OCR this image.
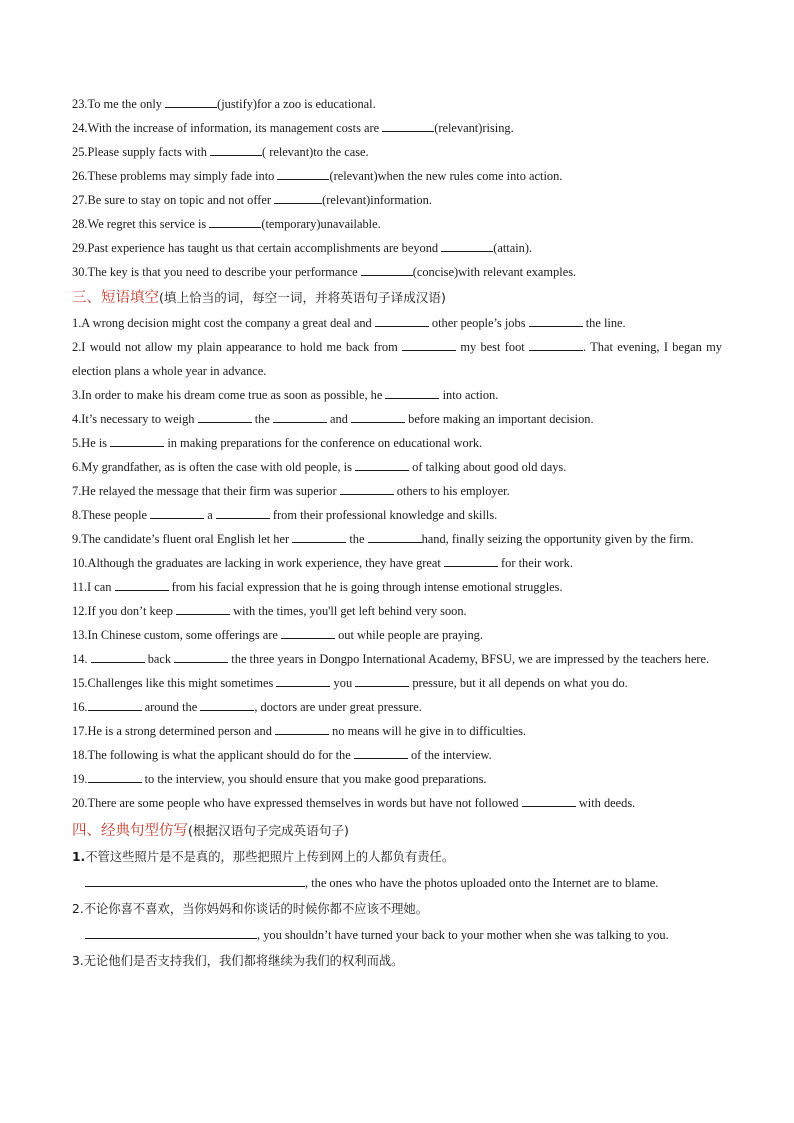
23.To me the only	(justify)for a zoo is educational.

24.With the increase of information, its management costs are	(relevant)rising.

25.Please supply facts with	( relevant)to the case.

26.These problems may simply fade into	(relevant)when the new rules come into action.

27.Be sure to stay on topic and not offer	(relevant)information.

28.We regret this service is	(temporary)unavailable.

29.Past experience has taught us that certain accomplishments are beyond	(attain).

30.The key is that you need to describe your performance	(concise)with relevant examples.

三、短语填空(填上恰当的词，每空一词，并将英语句子译成汉语)

1.A wrong decision might cost the company a great deal and	other people’s jobs	the line.

2.I would not allow my plain appearance to hold me back from	my best foot	. That evening, I began my election plans a whole year in advance.

3.In order to make his dream come true as soon as possible, he	into action.

4.It’s necessary to weigh	the	and	before making an important decision.

5.He is	in making preparations for the conference on educational work.

6.My grandfather, as is often the case with old people, is	of talking about good old days.

7.He relayed the message that their firm was superior	others to his employer.

8.These people	a	from their professional knowledge and skills.

9.The candidate’s fluent oral English let her	the	hand, finally seizing the opportunity given by the firm.

10.Although the graduates are lacking in work experience, they have great	for their work.

11.I can	from his facial expression that he is going through intense emotional struggles.

12.If you don’t keep	with the times, you'll get left behind very soon.

13.In Chinese custom, some offerings are	out while people are praying.

14.	back	the three years in Dongpo International Academy, BFSU, we are impressed by the teachers here.

15.Challenges like this might sometimes	you	pressure, but it all depends on what you do.

16.	around the	, doctors are under great pressure.

17.He is a strong determined person and	no means will he give in to difficulties.

18.The following is what the applicant should do for the	of the interview.

19.	to the interview, you should ensure that you make good preparations.

20.There are some people who have expressed themselves in words but have not followed	with deeds.

四、经典句型仿写(根据汉语句子完成英语句子)

1.不管这些照片是不是真的，那些把照片上传到网上的人都负有责任。

, the ones who have the photos uploaded onto the Internet are to blame.

2.不论你喜不喜欢，当你妈妈和你谈话的时候你都不应该不理她。

, you shouldn’t have turned your back to your mother when she was talking to you.

3.无论他们是否支持我们，我们都将继续为我们的权利而战。
